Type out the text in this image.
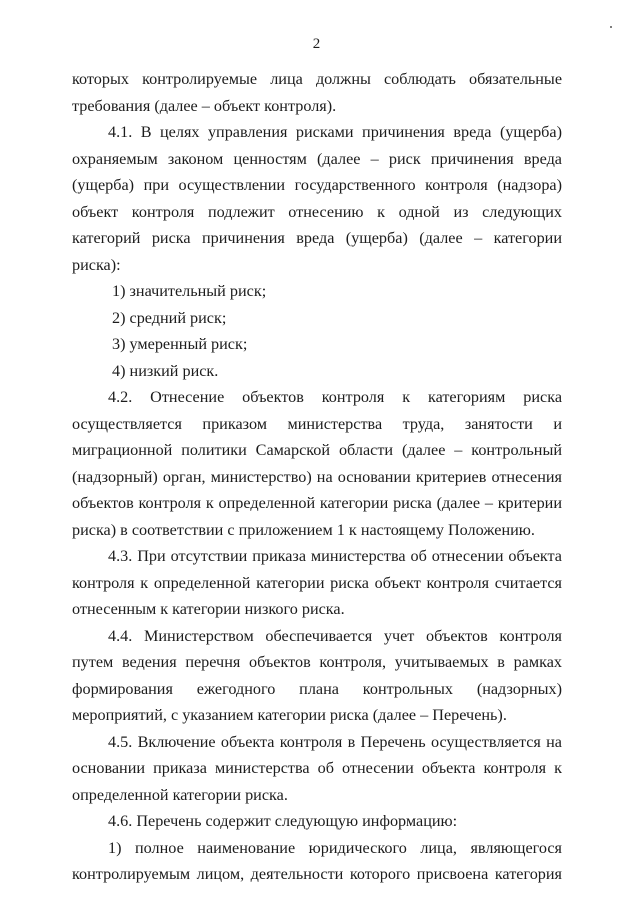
2

которых контролируемые лица должны соблюдать обязательные

требования (далее – объект контроля).

4.1. В целях управления рисками причинения вреда (ущерба) охраняемым законом ценностям (далее – риск причинения вреда (ущерба) при осуществлении государственного контроля (надзора) объект контроля подлежит отнесению к одной из следующих категорий риска причинения вреда (ущерба) (далее – категории риска):

1) значительный риск;

2) средний риск;

3) умеренный риск;

4) низкий риск.

4.2. Отнесение объектов контроля к категориям риска

осуществляется приказом министерства труда, занятости и миграционной политики Самарской области (далее – контрольный (надзорный) орган, министерство) на основании критериев отнесения объектов контроля к определенной категории риска (далее – критерии риска) в соответствии с приложением 1 к настоящему Положению.

4.3. При отсутствии приказа министерства об отнесении объекта контроля к определенной категории риска объект контроля считается отнесенным к категории низкого риска.

4.4. Министерством обеспечивается учет объектов контроля путем ведения перечня объектов контроля, учитываемых в рамках формирования ежегодного плана контрольных (надзорных) мероприятий, с указанием категории риска (далее – Перечень).

4.5. Включение объекта контроля в Перечень осуществляется на основании приказа министерства об отнесении объекта контроля к определенной категории риска.

4.6. Перечень содержит следующую информацию:

1) полное наименование юридического лица, являющегося

контролируемым лицом, деятельности которого присвоена категория
